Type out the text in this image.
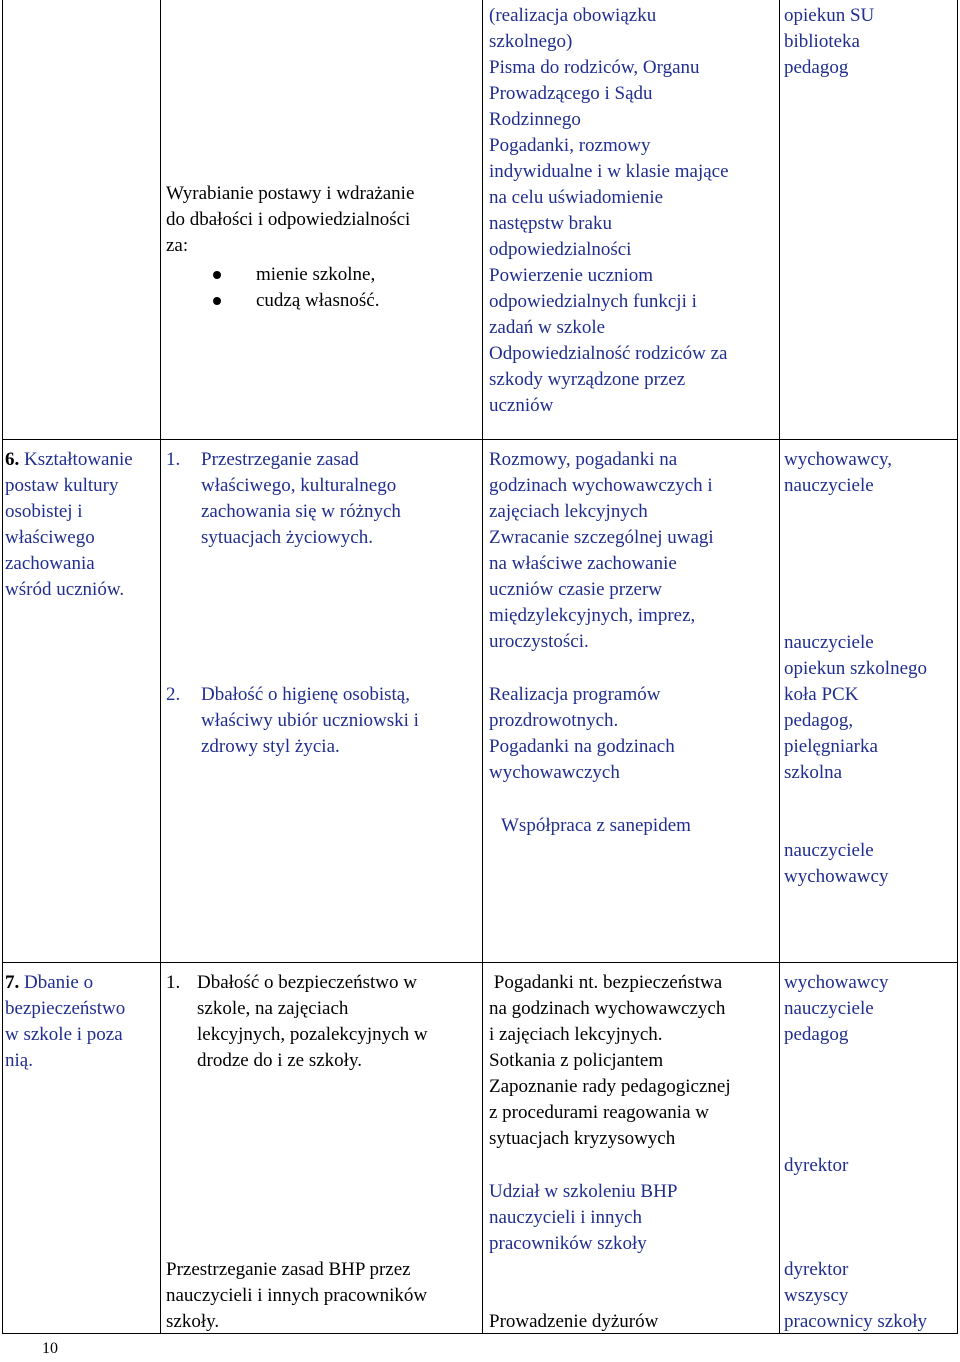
Wyrabianie postawy i wdrażanie
do dbałości i odpowiedzialności
za:
mienie szkolne,
cudzą własność.
(realizacja obowiązku
szkolnego)
Pisma do rodziców, Organu
Prowadzącego i Sądu
Rodzinnego
Pogadanki, rozmowy
indywidualne i w klasie mające
na celu uświadomienie
następstw braku
odpowiedzialności
Powierzenie uczniom
odpowiedzialnych funkcji i
zadań w szkole
Odpowiedzialność rodziców za
szkody wyrządzone przez
uczniów
opiekun SU
biblioteka
pedagog
6. Kształtowanie
postaw kultury
osobistej i
właściwego
zachowania
wśród uczniów.
1. Przestrzeganie zasad
właściwego, kulturalnego
zachowania się w różnych
sytuacjach życiowych.
2. Dbałość o higienę osobistą,
właściwy ubiór uczniowski i
zdrowy styl życia.
Rozmowy, pogadanki na
godzinach wychowawczych i
zajęciach lekcyjnych
Zwracanie szczególnej uwagi
na właściwe zachowanie
uczniów czasie przerw
międzylekcyjnych, imprez,
uroczystości.
Realizacja programów
prozdrowotnych.
Pogadanki na godzinach
wychowawczych
Współpraca z sanepidem
wychowawcy,
nauczyciele
nauczyciele
opiekun szkolnego
koła PCK
pedagog,
pielęgniarka
szkolna
nauczyciele
wychowawcy
7. Dbanie o
bezpieczeństwo
w szkole i poza
nią.
1. Dbałość o bezpieczeństwo w
szkole, na zajęciach
lekcyjnych, pozalekcyjnych w
drodze do i ze szkoły.
Przestrzeganie zasad BHP przez
nauczycieli i innych pracowników
szkoły.
Pogadanki nt. bezpieczeństwa
na godzinach wychowawczych
i zajęciach lekcyjnych.
Sotkania z policjantem
Zapoznanie rady pedagogicznej
z procedurami reagowania w
sytuacjach kryzysowych
Udział w szkoleniu BHP
nauczycieli i innych
pracowników szkoły
Prowadzenie dyżurów
wychowawcy
nauczyciele
pedagog
dyrektor
dyrektor
wszyscy
pracownicy szkoły
10
